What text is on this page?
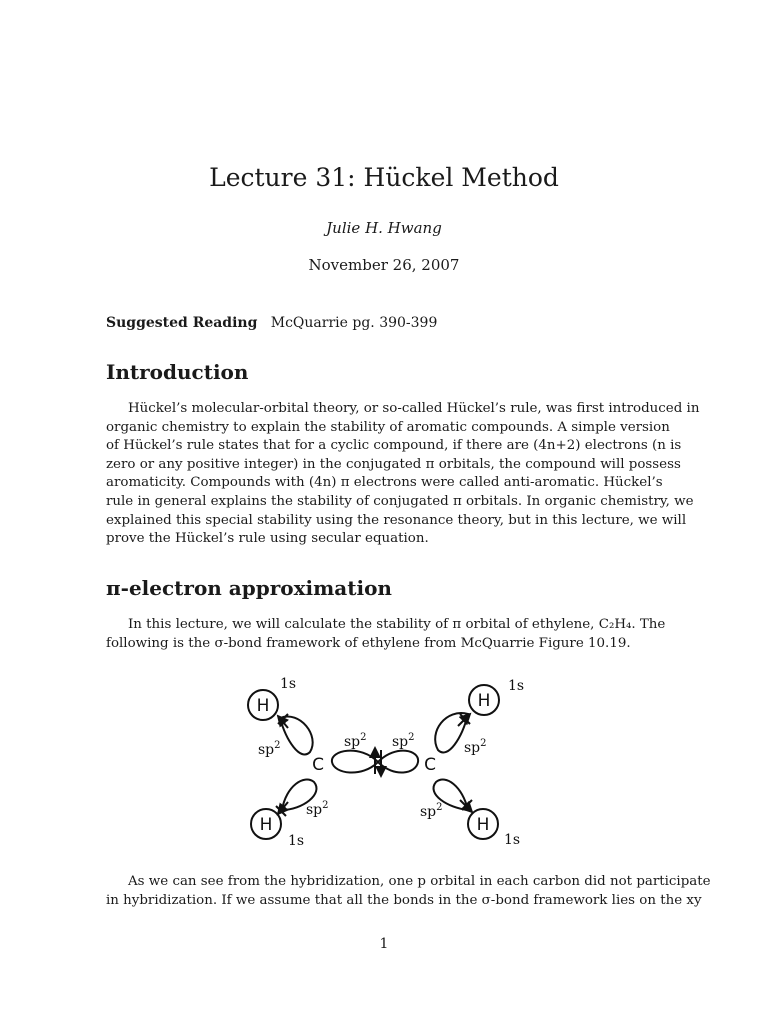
Lecture 31: Hückel Method
Julie H. Hwang
November 26, 2007
Suggested Reading McQuarrie pg. 390-399
Introduction
Hückel’s molecular-orbital theory, or so-called Hückel’s rule, was first introduced in
organic chemistry to explain the stability of aromatic compounds. A simple version
of Hückel’s rule states that for a cyclic compound, if there are (4n+2) electrons (n is
zero or any positive integer) in the conjugated π orbitals, the compound will possess
aromaticity. Compounds with (4n) π electrons were called anti-aromatic. Hückel’s
rule in general explains the stability of conjugated π orbitals. In organic chemistry, we
explained this special stability using the resonance theory, but in this lecture, we will
prove the Hückel’s rule using secular equation.
π-electron approximation
In this lecture, we will calculate the stability of π orbital of ethylene, C₂H₄. The
following is the σ-bond framework of ethylene from McQuarrie Figure 10.19.
H	H
H	H
C	C
1s	1s
1s	1s
$sp^2$
$sp^2$
$sp^2$
$sp^2$
$sp^2$ $sp^2$
As we can see from the hybridization, one p orbital in each carbon did not participate
in hybridization. If we assume that all the bonds in the σ-bond framework lies on the xy
1
